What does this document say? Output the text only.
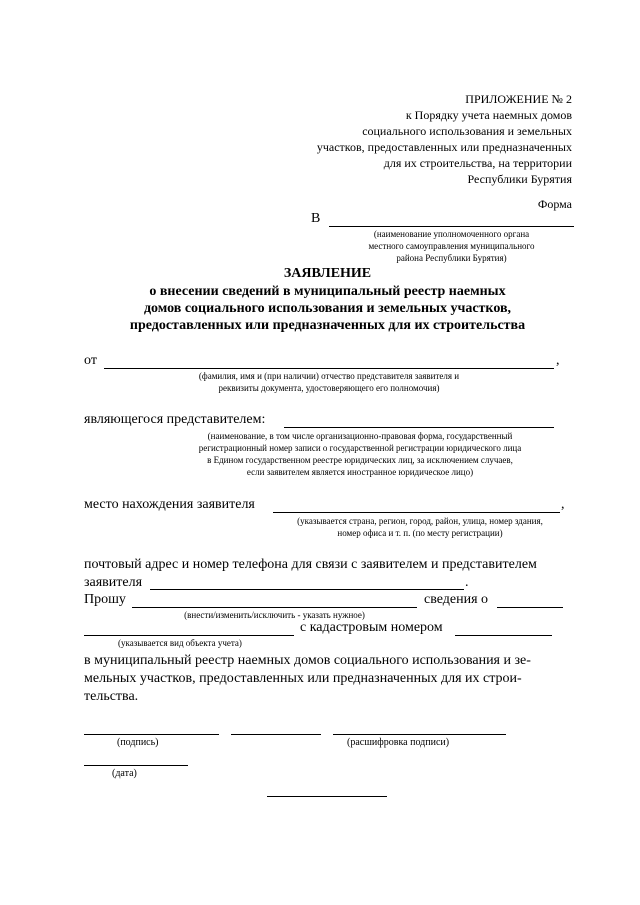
ПРИЛОЖЕНИЕ № 2
к Порядку учета наемных домов
социального использования и земельных
участков, предоставленных или предназначенных
для их строительства, на территории
Республики Бурятия
Форма
В
(наименование уполномоченного органа
местного самоуправления муниципального
района Республики Бурятия)
ЗАЯВЛЕНИЕ
о внесении сведений в муниципальный реестр наемных
домов социального использования и земельных участков,
предоставленных или предназначенных для их строительства
от	,
(фамилия, имя и (при наличии) отчество представителя заявителя и
реквизиты документа, удостоверяющего его полномочия)
являющегося представителем:
(наименование, в том числе организационно-правовая форма, государственный
регистрационный номер записи о государственной регистрации юридического лица
в Едином государственном реестре юридических лиц, за исключением случаев,
если заявителем является иностранное юридическое лицо)
место нахождения заявителя	,
(указывается страна, регион, город, район, улица, номер здания,
номер офиса и т. п. (по месту регистрации)
почтовый адрес и номер телефона для связи с заявителем и представителем
заявителя	.
Прошу	сведения о
(внести/изменить/исключить - указать нужное)
с кадастровым номером
(указывается вид объекта учета)
в муниципальный реестр наемных домов социального использования и зе-
мельных участков, предоставленных или предназначенных для их строи-
тельства.
(подпись)	(расшифровка подписи)
(дата)
